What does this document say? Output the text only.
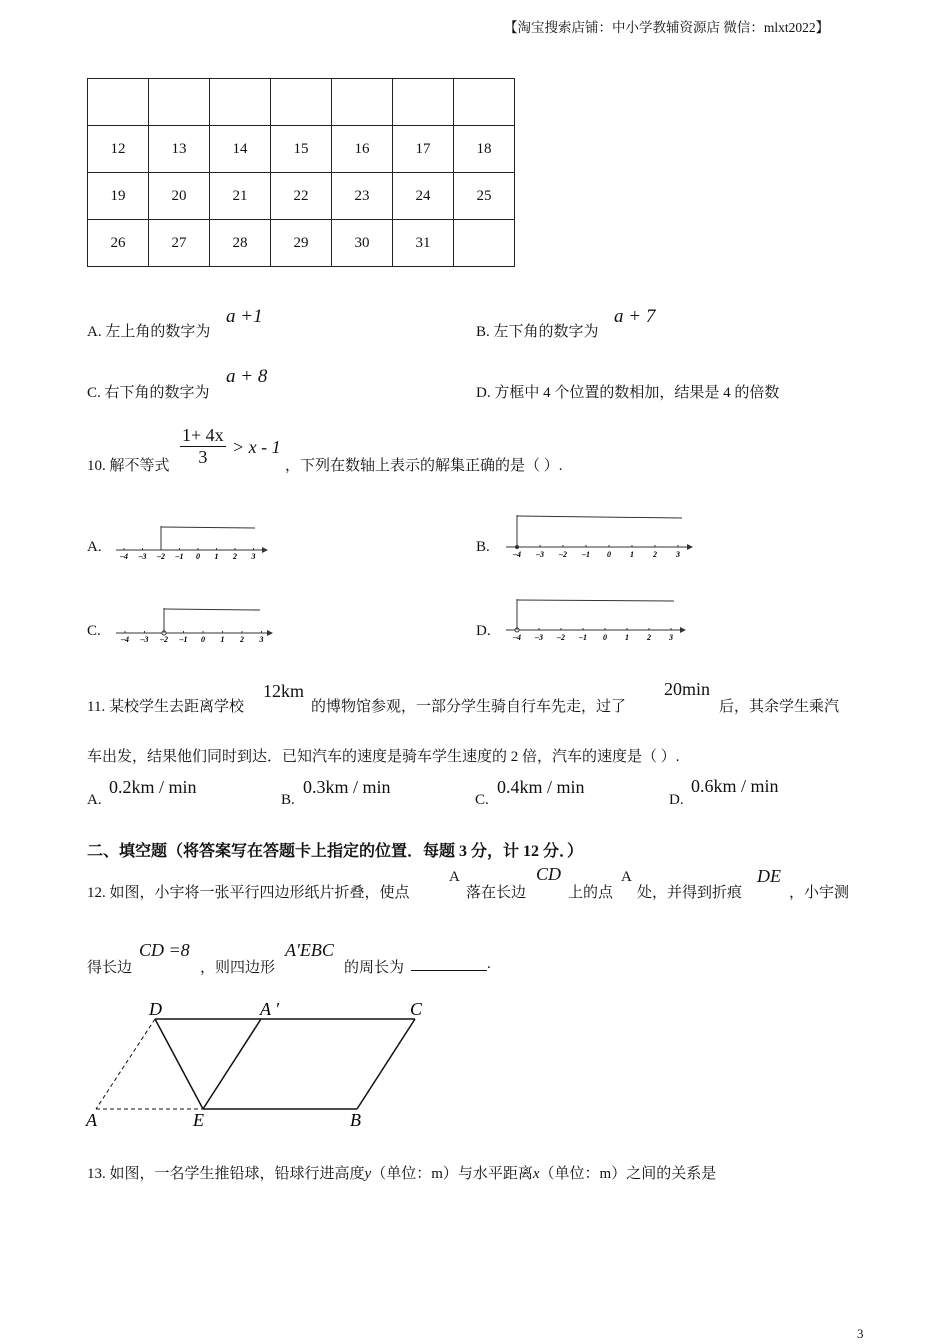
【淘宝搜索店铺：中小学教辅资源店 微信：mlxt2022】

12	13	14	15	16	17	18
19	20	21	22	23	24	25
26	27	28	29	30	31	
A. 左上角的数字为
a +1
B. 左下角的数字为
a + 7
C. 右下角的数字为
a + 8
D. 方框中 4 个位置的数相加，结果是 4 的倍数
10. 解不等式 $\frac{1+ 4x}{3} > x - 1$
，下列在数轴上表示的解集正确的是（ ）.
A.	B.
C.	D.
–4 –3 –2 –1 0 1 2 3	–4 –3 –2 –1 0 1 2 3
–4 –3 –2 –1 0 1 2 3	–4 –3 –2 –1 0 1 2 3
11. 某校学生去距离学校
12km
的博物馆参观，一部分学生骑自行车先走，过了
20min
后，其余学生乘汽
车出发，结果他们同时到达．已知汽车的速度是骑车学生速度的 2 倍，汽车的速度是（ ）.
A.
0.2km / min
B.
0.3km / min
C.
0.4km / min
D.
0.6km / min
二、填空题（将答案写在答题卡上指定的位置．每题 3 分，计 12 分．）
12. 如图，小宇将一张平行四边形纸片折叠，使点
A
落在长边
CD
上的点
A
处，并得到折痕
DE
，小宇测
得长边
CD =8
，则四边形
A′EBC
的周长为	.
D	A ′	C
A	E	B
13. 如图，一名学生推铅球，铅球行进高度y（单位：m）与水平距离x（单位：m）之间的关系是
3
